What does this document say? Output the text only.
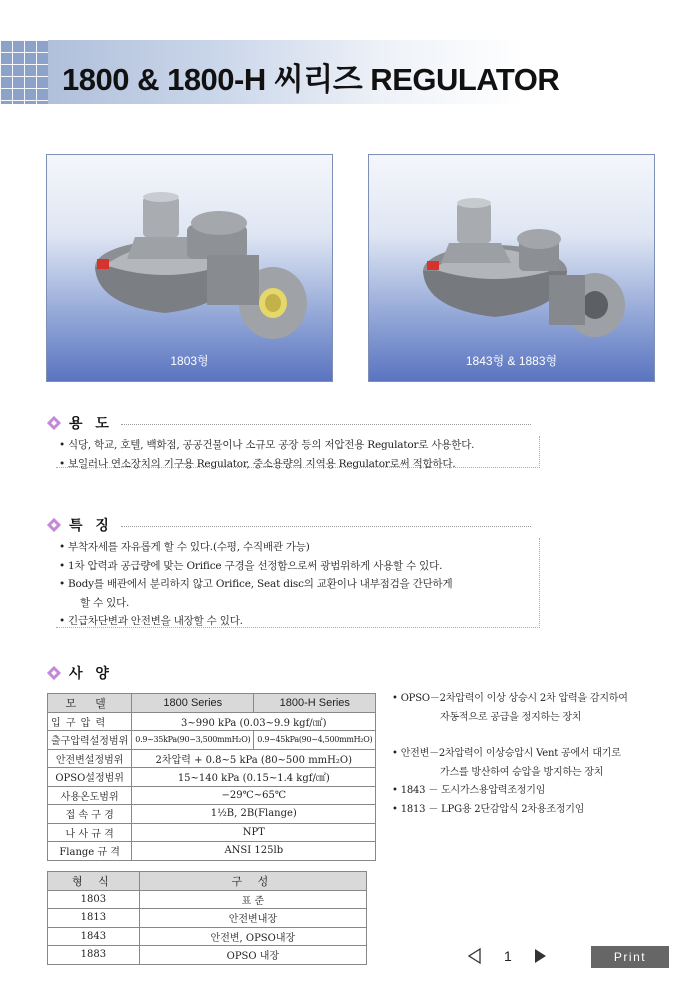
1800 & 1800-H 씨리즈 REGULATOR
1803형	1843형 & 1883형
용 도
• 식당, 학교, 호텔, 백화점, 공공건물이나 소규모 공장 등의 저압전용 Regulator로 사용한다.
• 보일러나 연소장치의 기구용 Regulator, 중소용량의 지역용 Regulator로써 적합하다.
특 징
• 부착자세를 자유롭게 할 수 있다.(수평, 수직배관 가능)
• 1차 압력과 공급량에 맞는 Orifice 구경을 선정함으로써 광범위하게 사용할 수 있다.
• Body를 배관에서 분리하지 않고 Orifice, Seat disc의 교환이나 내부점검을 간단하게
할 수 있다.
• 긴급차단변과 안전변을 내장할 수 있다.
사 양
모 델	1800 Series	1800-H Series
입 구 압 력	3~990 kPa (0.03~9.9 kgf/㎠)	
출구압력설정범위	0.9~35kPa(90~3,500mmH₂O)	0.9~45kPa(90~4,500mmH₂O)
안전변설정범위	2차압력 + 0.8~5 kPa (80~500 mmH₂O)	
OPSO설정범위	15~140 kPa (0.15~1.4 kgf/㎠)	
사용온도범위	−29℃~65℃	
접 속 구 경	1½B, 2B(Flange)	
나 사 규 격	NPT	
Flange 규 격	ANSI 125lb	
형 식	구 성
1803	표 준
1813	안전변내장
1843	안전변, OPSO내장
1883	OPSO 내장
• OPSO－2차압력이 이상 상승시 2차 압력을 감지하여
자동적으로 공급을 정지하는 장치
• 안전변－2차압력이 이상승압시 Vent 공에서 대기로
가스를 방산하여 승압을 방지하는 장치
• 1843 － 도시가스용압력조정기임
• 1813 － LPG용 2단감압식 2차용조정기임
1	Print
